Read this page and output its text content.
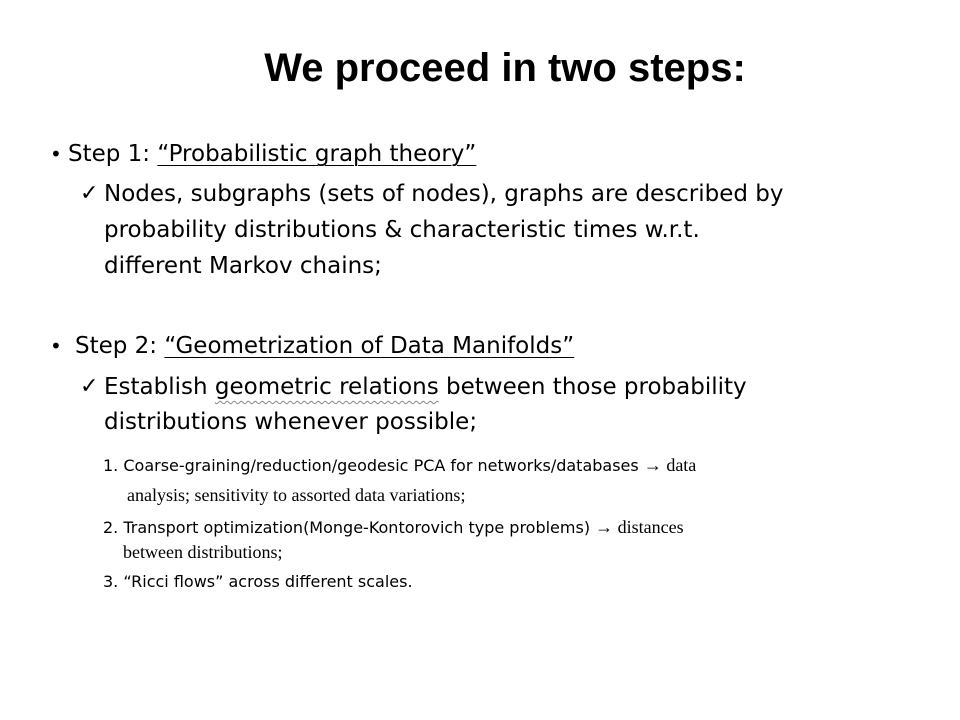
We proceed in two steps:
• Step 1: “Probabilistic graph theory”
✓ Nodes, subgraphs (sets of nodes), graphs are described by
probability distributions & characteristic times w.r.t.
different Markov chains;
• Step 2: “Geometrization of Data Manifolds”
✓ Establish geometric relations between those probability
distributions whenever possible;
1. Coarse-graining/reduction/geodesic PCA for networks/databases → data
analysis; sensitivity to assorted data variations;
2. Transport optimization(Monge-Kontorovich type problems) → distances
between distributions;
3. “Ricci flows” across different scales.
